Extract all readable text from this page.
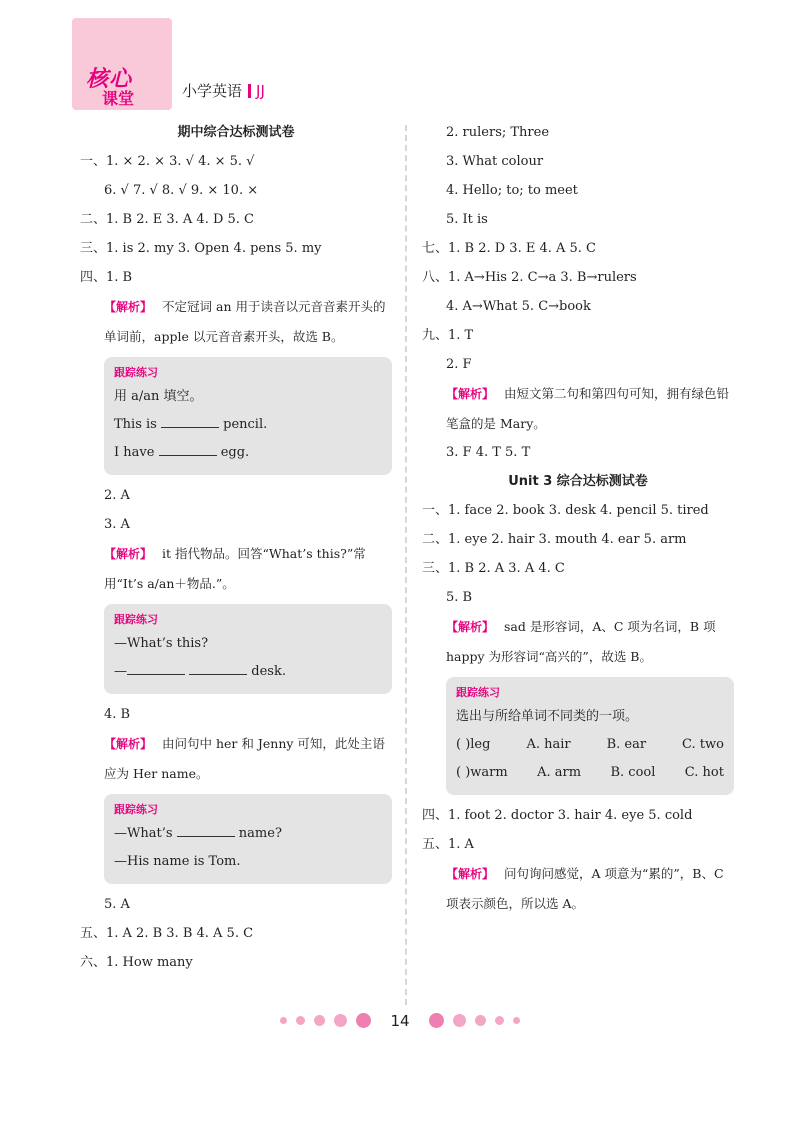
核心
课堂	小学英语 JJ

期中综合达标测试卷

一、1. × 2. × 3. √ 4. × 5. √

6. √ 7. √ 8. √ 9. × 10. ×

二、1. B 2. E 3. A 4. D 5. C

三、1. is 2. my 3. Open 4. pens 5. my

四、1. B

【解析】 不定冠词 an 用于读音以元音音素开头的单词前，apple 以元音音素开头，故选 B。

跟踪练习

用 a/an 填空。

This is	pencil.

I have	egg.

2. A

3. A

【解析】 it 指代物品。回答“What’s this?”常用“It’s a/an＋物品.”。

跟踪练习

—What’s this?

—	desk.

4. B

【解析】 由问句中 her 和 Jenny 可知，此处主语应为 Her name。

跟踪练习

—What’s	name?

—His name is Tom.

5. A

五、1. A 2. B 3. B 4. A 5. C

六、1. How many

2. rulers; Three

3. What colour

4. Hello; to; to meet

5. It is

七、1. B 2. D 3. E 4. A 5. C

八、1. A→His 2. C→a 3. B→rulers

4. A→What 5. C→book

九、1. T

2. F

【解析】 由短文第二句和第四句可知，拥有绿色铅笔盒的是 Mary。

3. F 4. T 5. T

Unit 3 综合达标测试卷

一、1. face 2. book 3. desk 4. pencil 5. tired

二、1. eye 2. hair 3. mouth 4. ear 5. arm

三、1. B 2. A 3. A 4. C

5. B

【解析】 sad 是形容词，A、C 项为名词，B 项 happy 为形容词“高兴的”，故选 B。

跟踪练习

选出与所给单词不同类的一项。

( )leg	A. hair	B. ear	C. two

( )warm A. arm B. cool C. hot

四、1. foot 2. doctor 3. hair 4. eye 5. cold

五、1. A

【解析】 问句询问感觉，A 项意为“累的”，B、C 项表示颜色，所以选 A。

14
